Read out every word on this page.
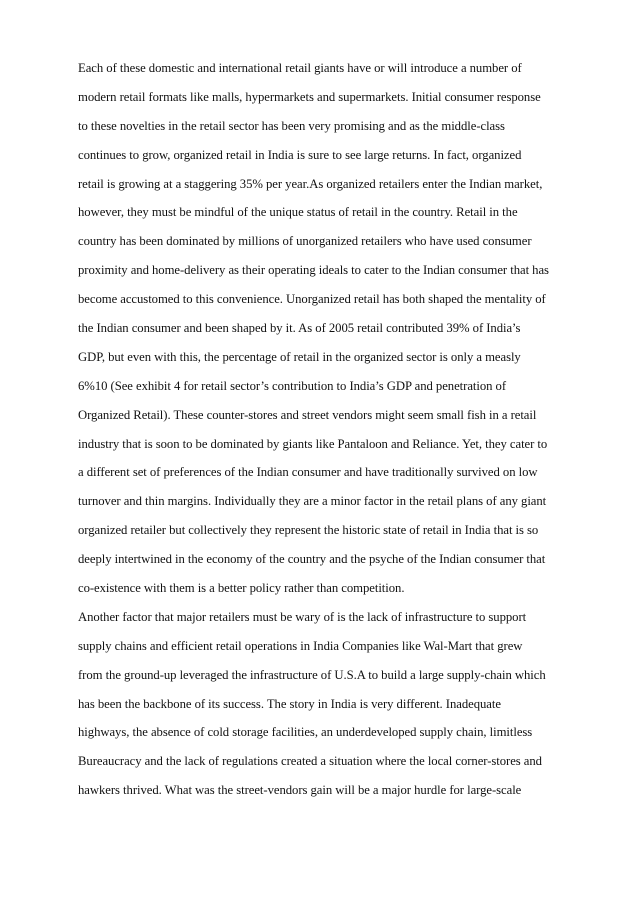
Each of these domestic and international retail giants have or will introduce a number of
modern retail formats like malls, hypermarkets and supermarkets. Initial consumer response
to these novelties in the retail sector has been very promising and as the middle-class
continues to grow, organized retail in India is sure to see large returns. In fact, organized
retail is growing at a staggering 35% per year.As organized retailers enter the Indian market,
however, they must be mindful of the unique status of retail in the country. Retail in the
country has been dominated by millions of unorganized retailers who have used consumer
proximity and home-delivery as their operating ideals to cater to the Indian consumer that has
become accustomed to this convenience. Unorganized retail has both shaped the mentality of
the Indian consumer and been shaped by it. As of 2005 retail contributed 39% of India’s
GDP, but even with this, the percentage of retail in the organized sector is only a measly
6%10 (See exhibit 4 for retail sector’s contribution to India’s GDP and penetration of
Organized Retail). These counter-stores and street vendors might seem small fish in a retail
industry that is soon to be dominated by giants like Pantaloon and Reliance. Yet, they cater to
a different set of preferences of the Indian consumer and have traditionally survived on low
turnover and thin margins. Individually they are a minor factor in the retail plans of any giant
organized retailer but collectively they represent the historic state of retail in India that is so
deeply intertwined in the economy of the country and the psyche of the Indian consumer that
co-existence with them is a better policy rather than competition.
Another factor that major retailers must be wary of is the lack of infrastructure to support
supply chains and efficient retail operations in India Companies like Wal-Mart that grew
from the ground-up leveraged the infrastructure of U.S.A to build a large supply-chain which
has been the backbone of its success. The story in India is very different. Inadequate
highways, the absence of cold storage facilities, an underdeveloped supply chain, limitless
Bureaucracy and the lack of regulations created a situation where the local corner-stores and
hawkers thrived. What was the street-vendors gain will be a major hurdle for large-scale
